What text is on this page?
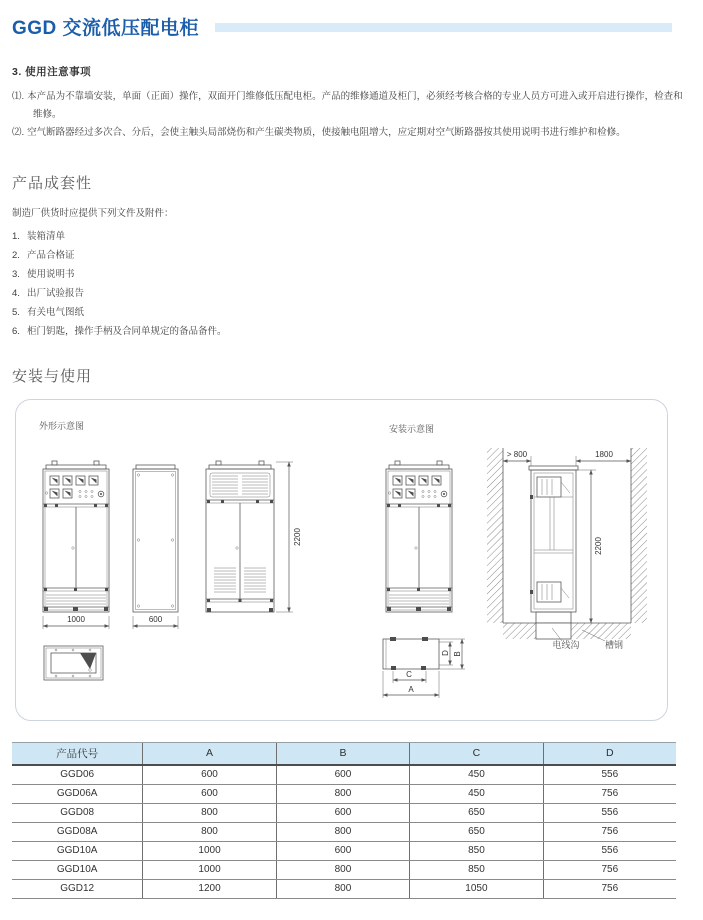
GGD 交流低压配电柜
3. 使用注意事项

⑴. 本产品为不靠墙安装，单面（正面）操作，双面开门维修低压配电柜。产品的维修通道及柜门，必须经考核合格的专业人员方可进入或开启进行操作，检查和维修。

⑵. 空气断路器经过多次合、分后，会使主触头局部烧伤和产生碳类物质，使接触电阻增大，应定期对空气断路器按其使用说明书进行维护和检修。

产品成套性

制造厂供货时应提供下列文件及附件：

1. 装箱清单
2. 产品合格证
3. 使用说明书
4. 出厂试验报告
5. 有关电气图纸
6. 柜门钥匙，操作手柄及合同单规定的备品备件。
安装与使用
外形示意图
1000	600
2200
安装示意图
> 800	1800
2200
电线沟	槽钢
C
A
D B
产品代号	A	B	C	D
GGD06	600	600	450	556
GGD06A	600	800	450	756
GGD08	800	600	650	556
GGD08A	800	800	650	756
GGD10A	1000	600	850	556
GGD10A	1000	800	850	756
GGD12	1200	800	1050	756
